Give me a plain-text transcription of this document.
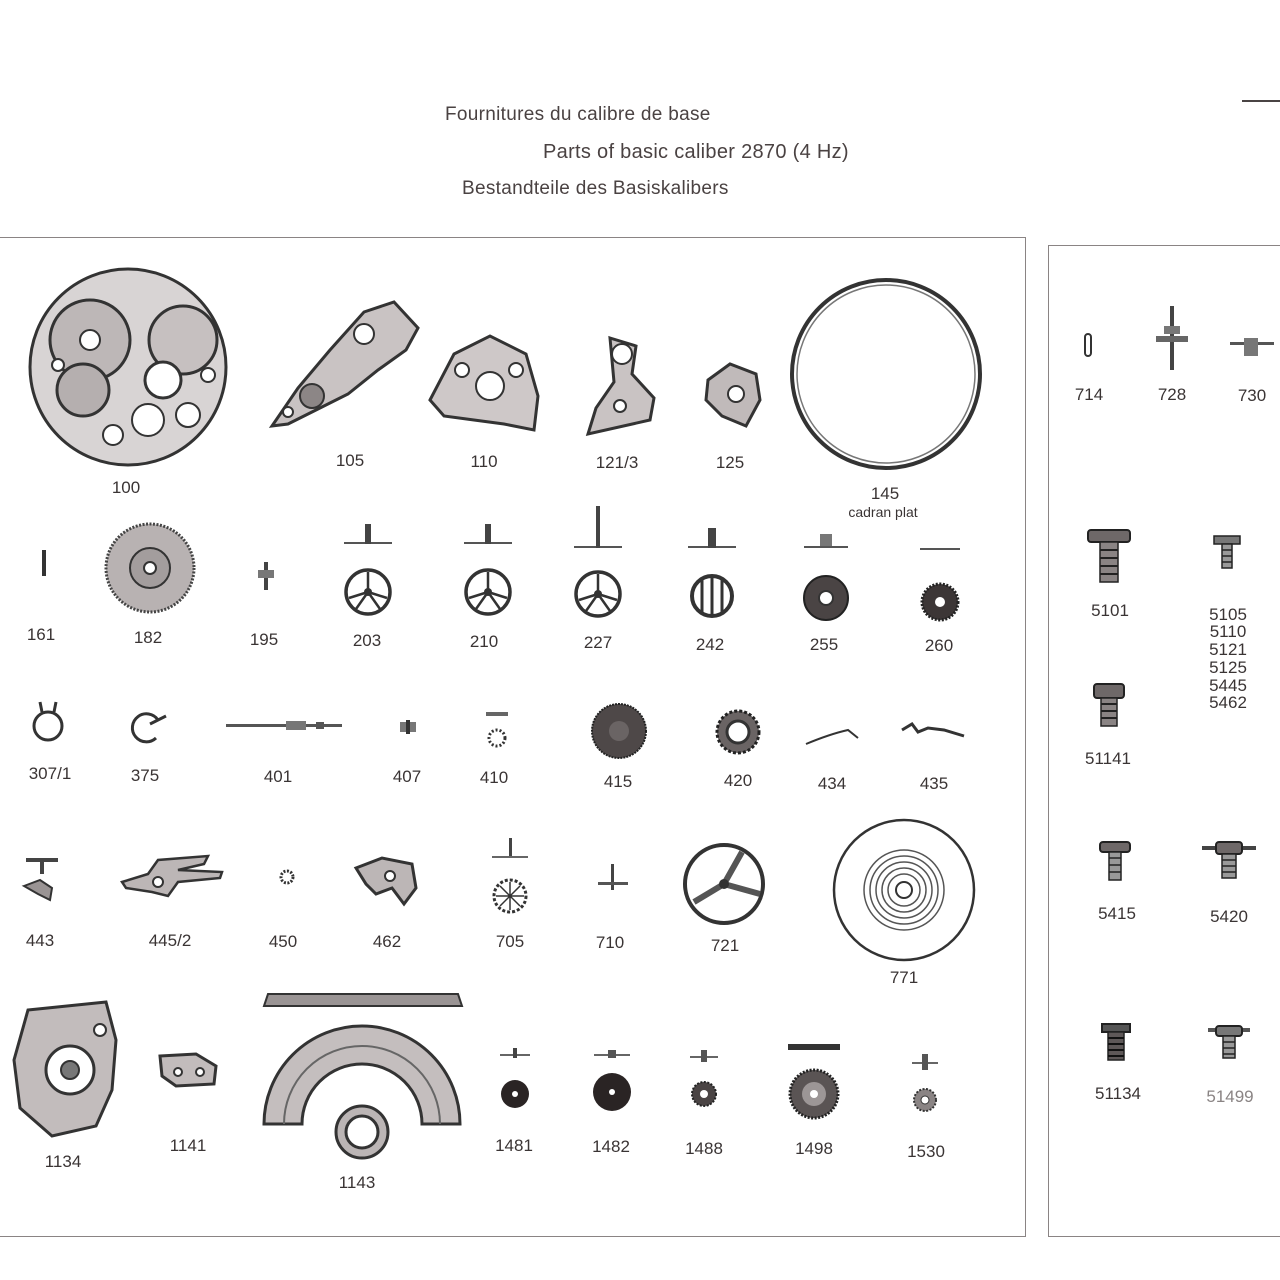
Fournitures du calibre de base
Parts of basic caliber 2870 (4 Hz)
Bestandteile des Basiskalibers
100
105	110	121/3	125
145
cadran plat
161	182	195	203	210	227	242	255	260
307/1	375	401	407	410	415	420	434	435
443	445/2	450	462	705	710	721
771
1134
1141
1143
1481	1482	1488	1498	1530
714	728	730
5101	5105
5110
5121
5125
5445
5462
51141
5415	5420
51134	51499
